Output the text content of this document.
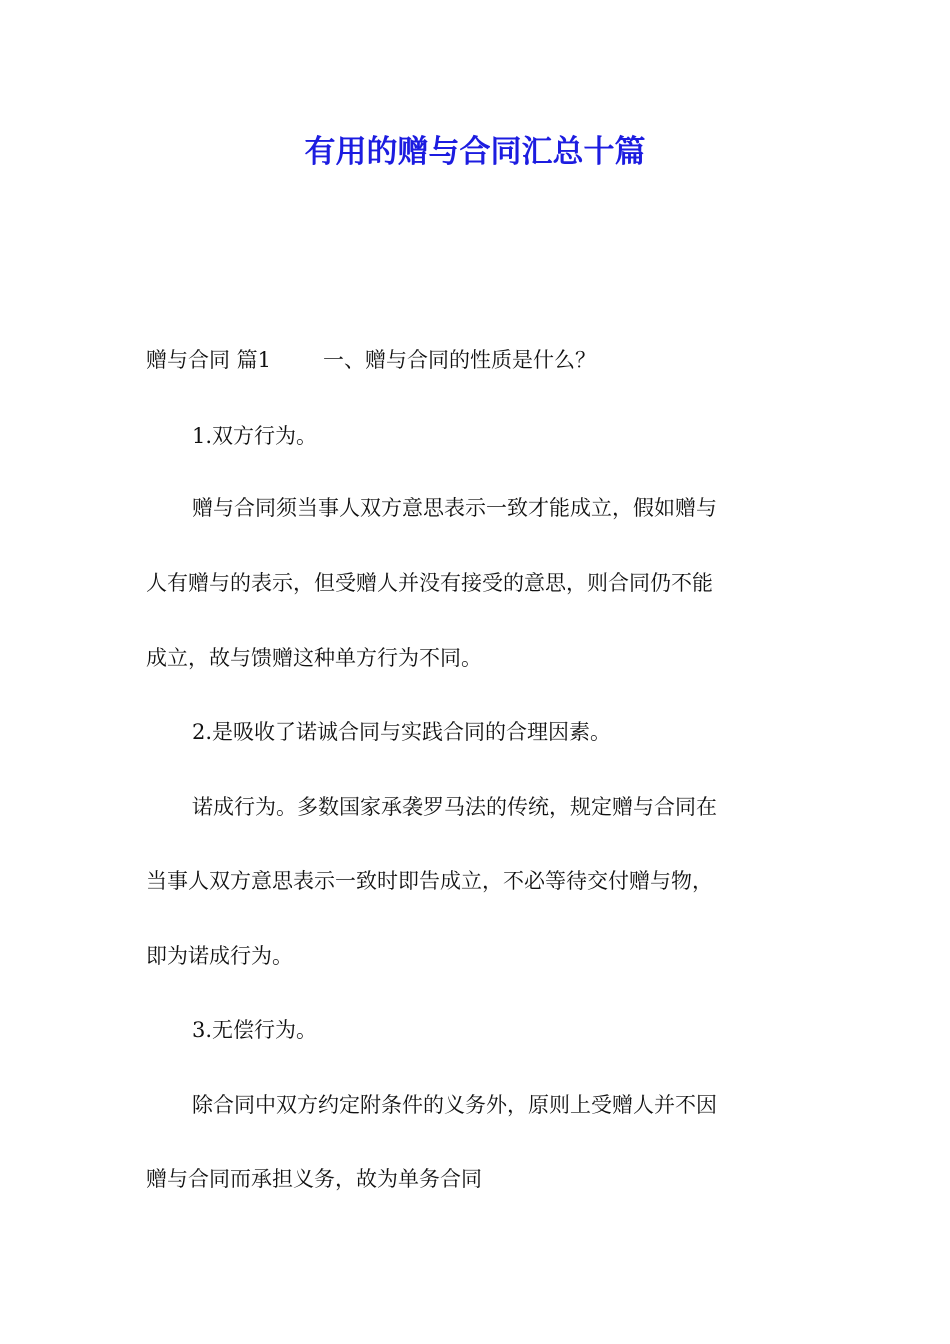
有用的赠与合同汇总十篇

赠与合同 篇1 一、赠与合同的性质是什么？

1.双方行为。

赠与合同须当事人双方意思表示一致才能成立，假如赠与

人有赠与的表示，但受赠人并没有接受的意思，则合同仍不能

成立，故与馈赠这种单方行为不同。

2.是吸收了诺诚合同与实践合同的合理因素。

诺成行为。多数国家承袭罗马法的传统，规定赠与合同在

当事人双方意思表示一致时即告成立，不必等待交付赠与物，

即为诺成行为。

3.无偿行为。

除合同中双方约定附条件的义务外，原则上受赠人并不因

赠与合同而承担义务，故为单务合同
